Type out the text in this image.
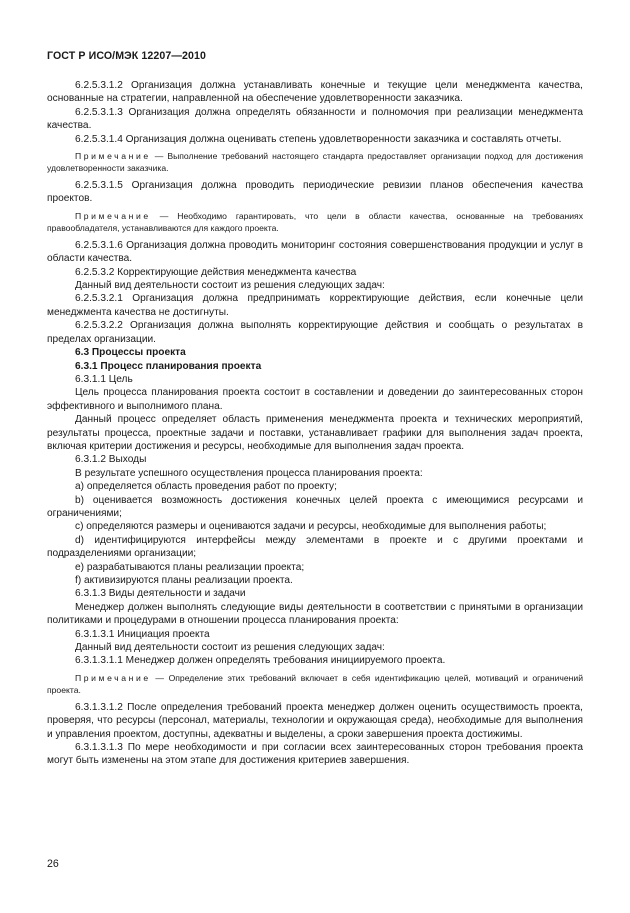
ГОСТ Р ИСО/МЭК 12207—2010

6.2.5.3.1.2 Организация должна устанавливать конечные и текущие цели менеджмента качества, основанные на стратегии, направленной на обеспечение удовлетворенности заказчика.

6.2.5.3.1.3 Организация должна определять обязанности и полномочия при реализации менеджмента качества.

6.2.5.3.1.4 Организация должна оценивать степень удовлетворенности заказчика и составлять отчеты.

Примечание — Выполнение требований настоящего стандарта предоставляет организации подход для достижения удовлетворенности заказчика.

6.2.5.3.1.5 Организация должна проводить периодические ревизии планов обеспечения качества проектов.

Примечание — Необходимо гарантировать, что цели в области качества, основанные на требованиях правообладателя, устанавливаются для каждого проекта.

6.2.5.3.1.6 Организация должна проводить мониторинг состояния совершенствования продукции и услуг в области качества.

6.2.5.3.2 Корректирующие действия менеджмента качества

Данный вид деятельности состоит из решения следующих задач:

6.2.5.3.2.1 Организация должна предпринимать корректирующие действия, если конечные цели менеджмента качества не достигнуты.

6.2.5.3.2.2 Организация должна выполнять корректирующие действия и сообщать о результатах в пределах организации.

6.3 Процессы проекта

6.3.1 Процесс планирования проекта

6.3.1.1 Цель

Цель процесса планирования проекта состоит в составлении и доведении до заинтересованных сторон эффективного и выполнимого плана.

Данный процесс определяет область применения менеджмента проекта и технических мероприятий, результаты процесса, проектные задачи и поставки, устанавливает графики для выполнения задач проекта, включая критерии достижения и ресурсы, необходимые для выполнения задач проекта.

6.3.1.2 Выходы

В результате успешного осуществления процесса планирования проекта:

a) определяется область проведения работ по проекту;

b) оценивается возможность достижения конечных целей проекта с имеющимися ресурсами и ограничениями;

c) определяются размеры и оцениваются задачи и ресурсы, необходимые для выполнения работы;

d) идентифицируются интерфейсы между элементами в проекте и с другими проектами и подразделениями организации;

e) разрабатываются планы реализации проекта;

f) активизируются планы реализации проекта.

6.3.1.3 Виды деятельности и задачи

Менеджер должен выполнять следующие виды деятельности в соответствии с принятыми в организации политиками и процедурами в отношении процесса планирования проекта:

6.3.1.3.1 Инициация проекта

Данный вид деятельности состоит из решения следующих задач:

6.3.1.3.1.1 Менеджер должен определять требования инициируемого проекта.

Примечание — Определение этих требований включает в себя идентификацию целей, мотиваций и ограничений проекта.

6.3.1.3.1.2 После определения требований проекта менеджер должен оценить осуществимость проекта, проверяя, что ресурсы (персонал, материалы, технологии и окружающая среда), необходимые для выполнения и управления проектом, доступны, адекватны и выделены, а сроки завершения проекта достижимы.

6.3.1.3.1.3 По мере необходимости и при согласии всех заинтересованных сторон требования проекта могут быть изменены на этом этапе для достижения критериев завершения.

26
